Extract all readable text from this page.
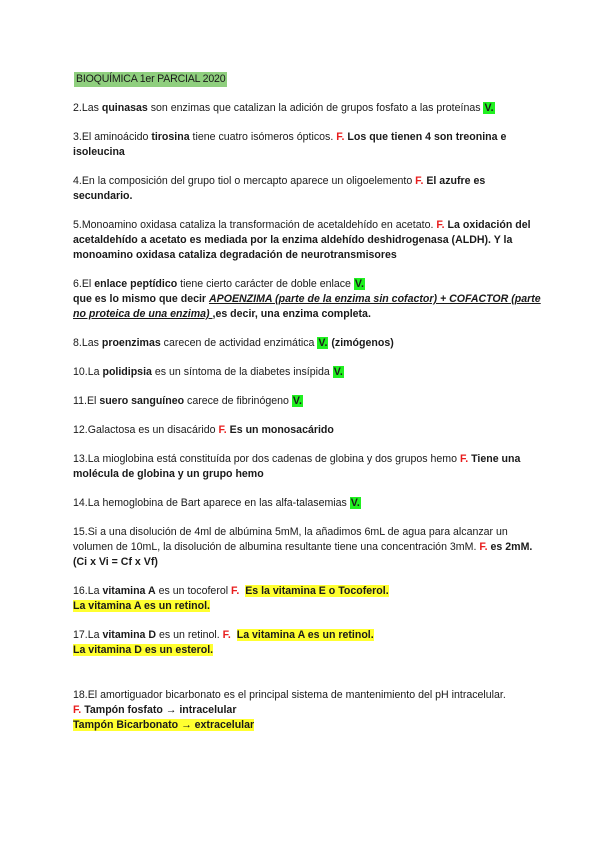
BIOQUÍMICA 1er PARCIAL 2020
2.Las quinasas son enzimas que catalizan la adición de grupos fosfato a las proteínas V.
3.El aminoácido tirosina tiene cuatro isómeros ópticos. F. Los que tienen 4 son treonina e isoleucina
4.En la composición del grupo tiol o mercapto aparece un oligoelemento F. El azufre es secundario.
5.Monoamino oxidasa cataliza la transformación de acetaldehído en acetato. F. La oxidación del acetaldehído a acetato es mediada por la enzima aldehído deshidrogenasa (ALDH). Y la monoamino oxidasa cataliza degradación de neurotransmisores
6.El enlace peptídico tiene cierto carácter de doble enlace V.
que es lo mismo que decir APOENZIMA (parte de la enzima sin cofactor) + COFACTOR (parte no proteica de una enzima) ,es decir, una enzima completa.
8.Las proenzimas carecen de actividad enzimática V. (zimógenos)
10.La polidipsia es un síntoma de la diabetes insípida V.
11.El suero sanguíneo carece de fibrinógeno V.
12.Galactosa es un disacárido F. Es un monosacárido
13.La mioglobina está constituída por dos cadenas de globina y dos grupos hemo F. Tiene una molécula de globina y un grupo hemo
14.La hemoglobina de Bart aparece en las alfa-talasemias V.
15.Si a una disolución de 4ml de albúmina 5mM, la añadimos 6mL de agua para alcanzar un volumen de 10mL, la disolución de albumina resultante tiene una concentración 3mM. F. es 2mM. (Ci x Vi = Cf x Vf)
16.La vitamina A es un tocoferol F. Es la vitamina E o Tocoferol.
La vitamina A es un retinol.
17.La vitamina D es un retinol. F. La vitamina A es un retinol.
La vitamina D es un esterol.
18.El amortiguador bicarbonato es el principal sistema de mantenimiento del pH intracelular.
F. Tampón fosfato → intracelular
Tampón Bicarbonato → extracelular
